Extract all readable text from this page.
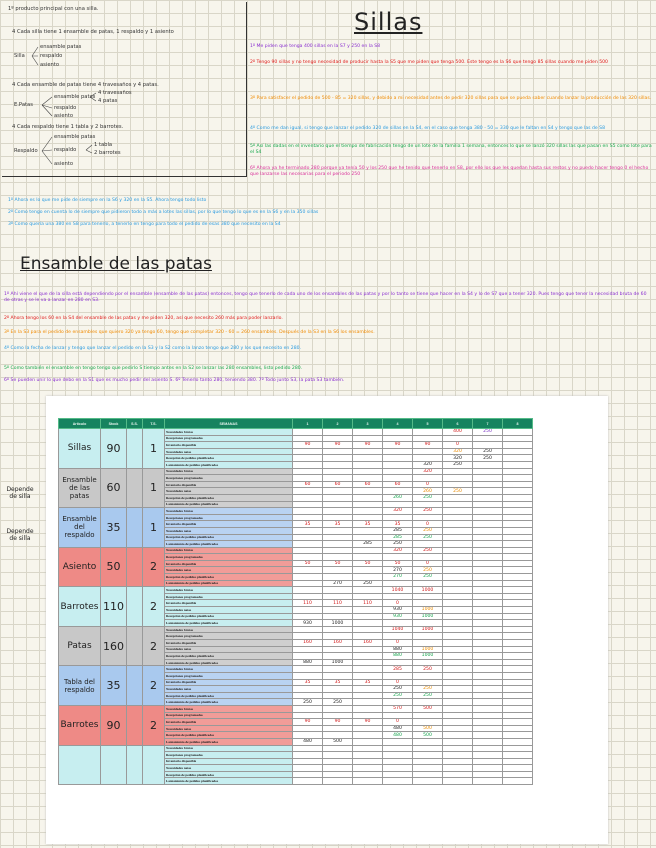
1º producto principal con una silla.
4 Cada silla tiene 1 ensamble de patas, 1 respaldo y 1 asiento
Silla
ensamble patas
respaldo
asiento
4 Cada ensamble de patas tiene 4 travesaños y 4 patas.
E.Patas
ensamble patas
4 travesaños
4 patas
respaldo
asiento
4 Cada respaldo tiene 1 tabla y 2 barrotes.
Respaldo
ensamble patas
respaldo
1 tabla
2 barrotes
asiento
Sillas
1º Me piden que tenga 400 sillas en la S7 y 250 en la S8
2º Tengo 90 sillas y no tengo necesidad de producir hasta la S5 que me piden que tenga 500. Este tengo es la S6 que tengo 85 sillas cuando me piden 500
3º Para satisfacer el pedido de 500 - 85 = 320 sillas, y debido a mi necesidad antes de pedir 320 sillas para que se pueda saber cuando lanzar la producción de las 320 sillas.
4º Como me dan igual, si tengo que lanzar el pedido 320 de sillas en la S4, en el caso que tenga 380 - 50 = 330 que le faltan en S4 y tengo que las de S8
5º Así las dadas en el inventario que el tiempo de fabricación tengo de un lote de la familia 1 semana, entonces lo que se lanzó 320 sillas las que pasan en S5 como lote para el S4
6º Ahora ya he terminado 280 porque ya tenía 50 y los 250 que he tenido que tenerlo en S8, por ello los que les quedan hasta sus restos y no puedo hacer tengo 0 el hecho que lanzarse las necesarias para el periodo 250
1º Ahora es lo que me pide de siempre en la S6 y 320 en la S5. Ahora tengo todo listo
2º Como tengo en cuenta lo de siempre que pidieron todo a más a lotes las sillas, por lo que tengo lo que es en la S6 y en la 350 sillas
3º Como quería una 380 en S8 para tenerlo, a tenerlo en tengo para todo el pedido de esas 380 que necesito en la S4
Ensamble de las patas
1º Ahí viene el que de la silla está dependiendo por el ensamble (ensamble de las patas) entonces, tengo que tenerlo de cada uno de los ensambles de las patas y por lo tanto se tiene que hacer en la S4 y lo de S7 que a tener 320. Pues tengo que tener la necesidad bruta de 60 de otras y se le va a lanzar en 280 en S3.
2º Ahora tengo los 60 en la S4 del ensamble de las patas y me piden 320, así que necesito 260 más para poder lanzarlo.
3º En la S3 para el pedido de ensambles que quiero 320 ya tengo 60, tengo que completar 320 - 60 = 260 ensambles. Después de la S3 en la S6 los ensambles.
4º Como la fecha de lanzar y tengo que lanzar el pedido en la S3 y la S2 como la lanzo tengo que 280 y los que necesito en 280.
5º Como también el ensamble en tengo tengo que pedirlo S tiempo antes en la S2 se lanzar las 280 ensambles, listo pedido 280.
6º Se pueden unir lo que debo en la S1 que es mucho pedir del asiento S. 6º Tenerlo tanto 280, teniendo 380. 7º Todo junto S3, la pata S3 también.
Depende de silla
Depende de silla
Artículo	Stock	S.S.	T.S.	SEMANAS	1	2	3	4	5	6	7	8
Sillas	90		1	Necesidades brutas						400	250	
				Recepciones programadas								
				Inventario disponible	90	90	90	90	90	0		
				Necesidades netas						320	250	
				Recepción de pedidos planificados						320	250	
				Lanzamiento de pedidos planificados					320	250		
Ensamble de las patas	60		1	Necesidades brutas					320			
				Recepciones programadas								
				Inventario disponible	60	60	60	60	0			
				Necesidades netas					260	250		
				Recepción de pedidos planificados				260	250			
				Lanzamiento de pedidos planificados								
Ensamble del respaldo	35		1	Necesidades brutas				320	250			
				Recepciones programadas								
				Inventario disponible	35	35	35	35	0			
				Necesidades netas				285	250			
				Recepción de pedidos planificados				285	250			
				Lanzamiento de pedidos planificados			285	250				
Asiento	50		2	Necesidades brutas				320	250			
				Recepciones programadas								
				Inventario disponible	50	50	50	50	0			
				Necesidades netas				270	250			
				Recepción de pedidos planificados				270	250			
				Lanzamiento de pedidos planificados		270	250					
Barrotes	110		2	Necesidades brutas				1040	1000			
				Recepciones programadas								
				Inventario disponible	110	110	110	0				
				Necesidades netas				930	1000			
				Recepción de pedidos planificados				930	1000			
				Lanzamiento de pedidos planificados	930	1000						
Patas	160		2	Necesidades brutas				1040	1000			
				Recepciones programadas								
				Inventario disponible	160	160	160	0				
				Necesidades netas				880	1000			
				Recepción de pedidos planificados				880	1000			
				Lanzamiento de pedidos planificados	880	1000						
Tabla del respaldo	35		2	Necesidades brutas				285	250			
				Recepciones programadas								
				Inventario disponible	35	35	35	0				
				Necesidades netas				250	250			
				Recepción de pedidos planificados				250	250			
				Lanzamiento de pedidos planificados	250	250						
Barrotes	90		2	Necesidades brutas				570	500			
				Recepciones programadas								
				Inventario disponible	90	90	90	0				
				Necesidades netas				480	500			
				Recepción de pedidos planificados				480	500			
				Lanzamiento de pedidos planificados	480	500						
				Necesidades brutas								
				Recepciones programadas								
				Inventario disponible								
				Necesidades netas								
				Recepción de pedidos planificados								
				Lanzamiento de pedidos planificados								
